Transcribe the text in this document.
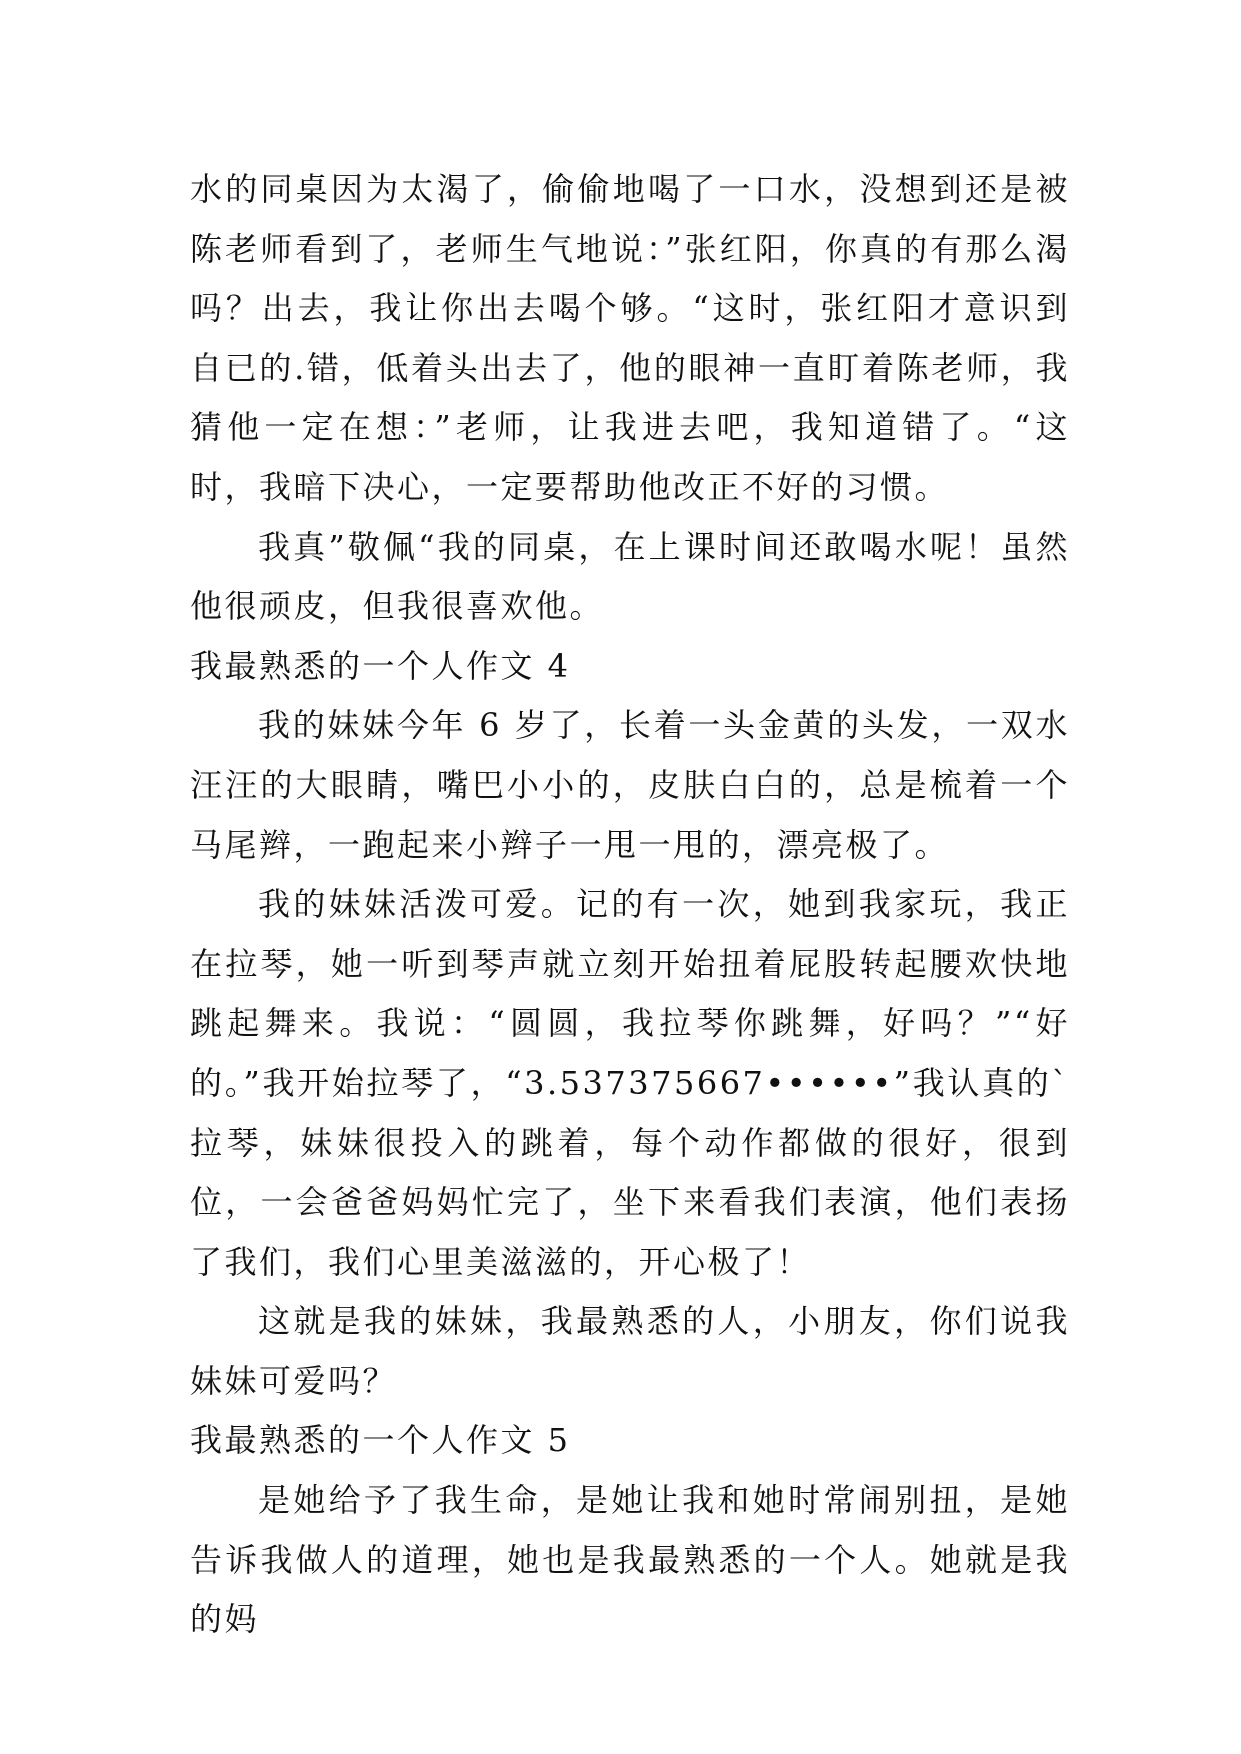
水的同桌因为太渴了，偷偷地喝了一口水，没想到还是被陈老师看到了，老师生气地说：”张红阳，你真的有那么渴吗？出去，我让你出去喝个够。“这时，张红阳才意识到自已的.错，低着头出去了，他的眼神一直盯着陈老师，我猜他一定在想：”老师，让我进去吧，我知道错了。“这时，我暗下决心，一定要帮助他改正不好的习惯。

我真”敬佩“我的同桌，在上课时间还敢喝水呢！虽然他很顽皮，但我很喜欢他。

我最熟悉的一个人作文 4

我的妹妹今年 6 岁了，长着一头金黄的头发，一双水汪汪的大眼睛，嘴巴小小的，皮肤白白的，总是梳着一个马尾辫，一跑起来小辫子一甩一甩的，漂亮极了。

我的妹妹活泼可爱。记的有一次，她到我家玩，我正在拉琴，她一听到琴声就立刻开始扭着屁股转起腰欢快地跳起舞来。我说：“圆圆，我拉琴你跳舞，好吗？”“好的。”我开始拉琴了，“3.537375667••••••”我认真的`拉琴，妹妹很投入的跳着，每个动作都做的很好，很到位，一会爸爸妈妈忙完了，坐下来看我们表演，他们表扬了我们，我们心里美滋滋的，开心极了！

这就是我的妹妹，我最熟悉的人，小朋友，你们说我妹妹可爱吗？

我最熟悉的一个人作文 5

是她给予了我生命，是她让我和她时常闹别扭，是她告诉我做人的道理，她也是我最熟悉的一个人。她就是我的妈
